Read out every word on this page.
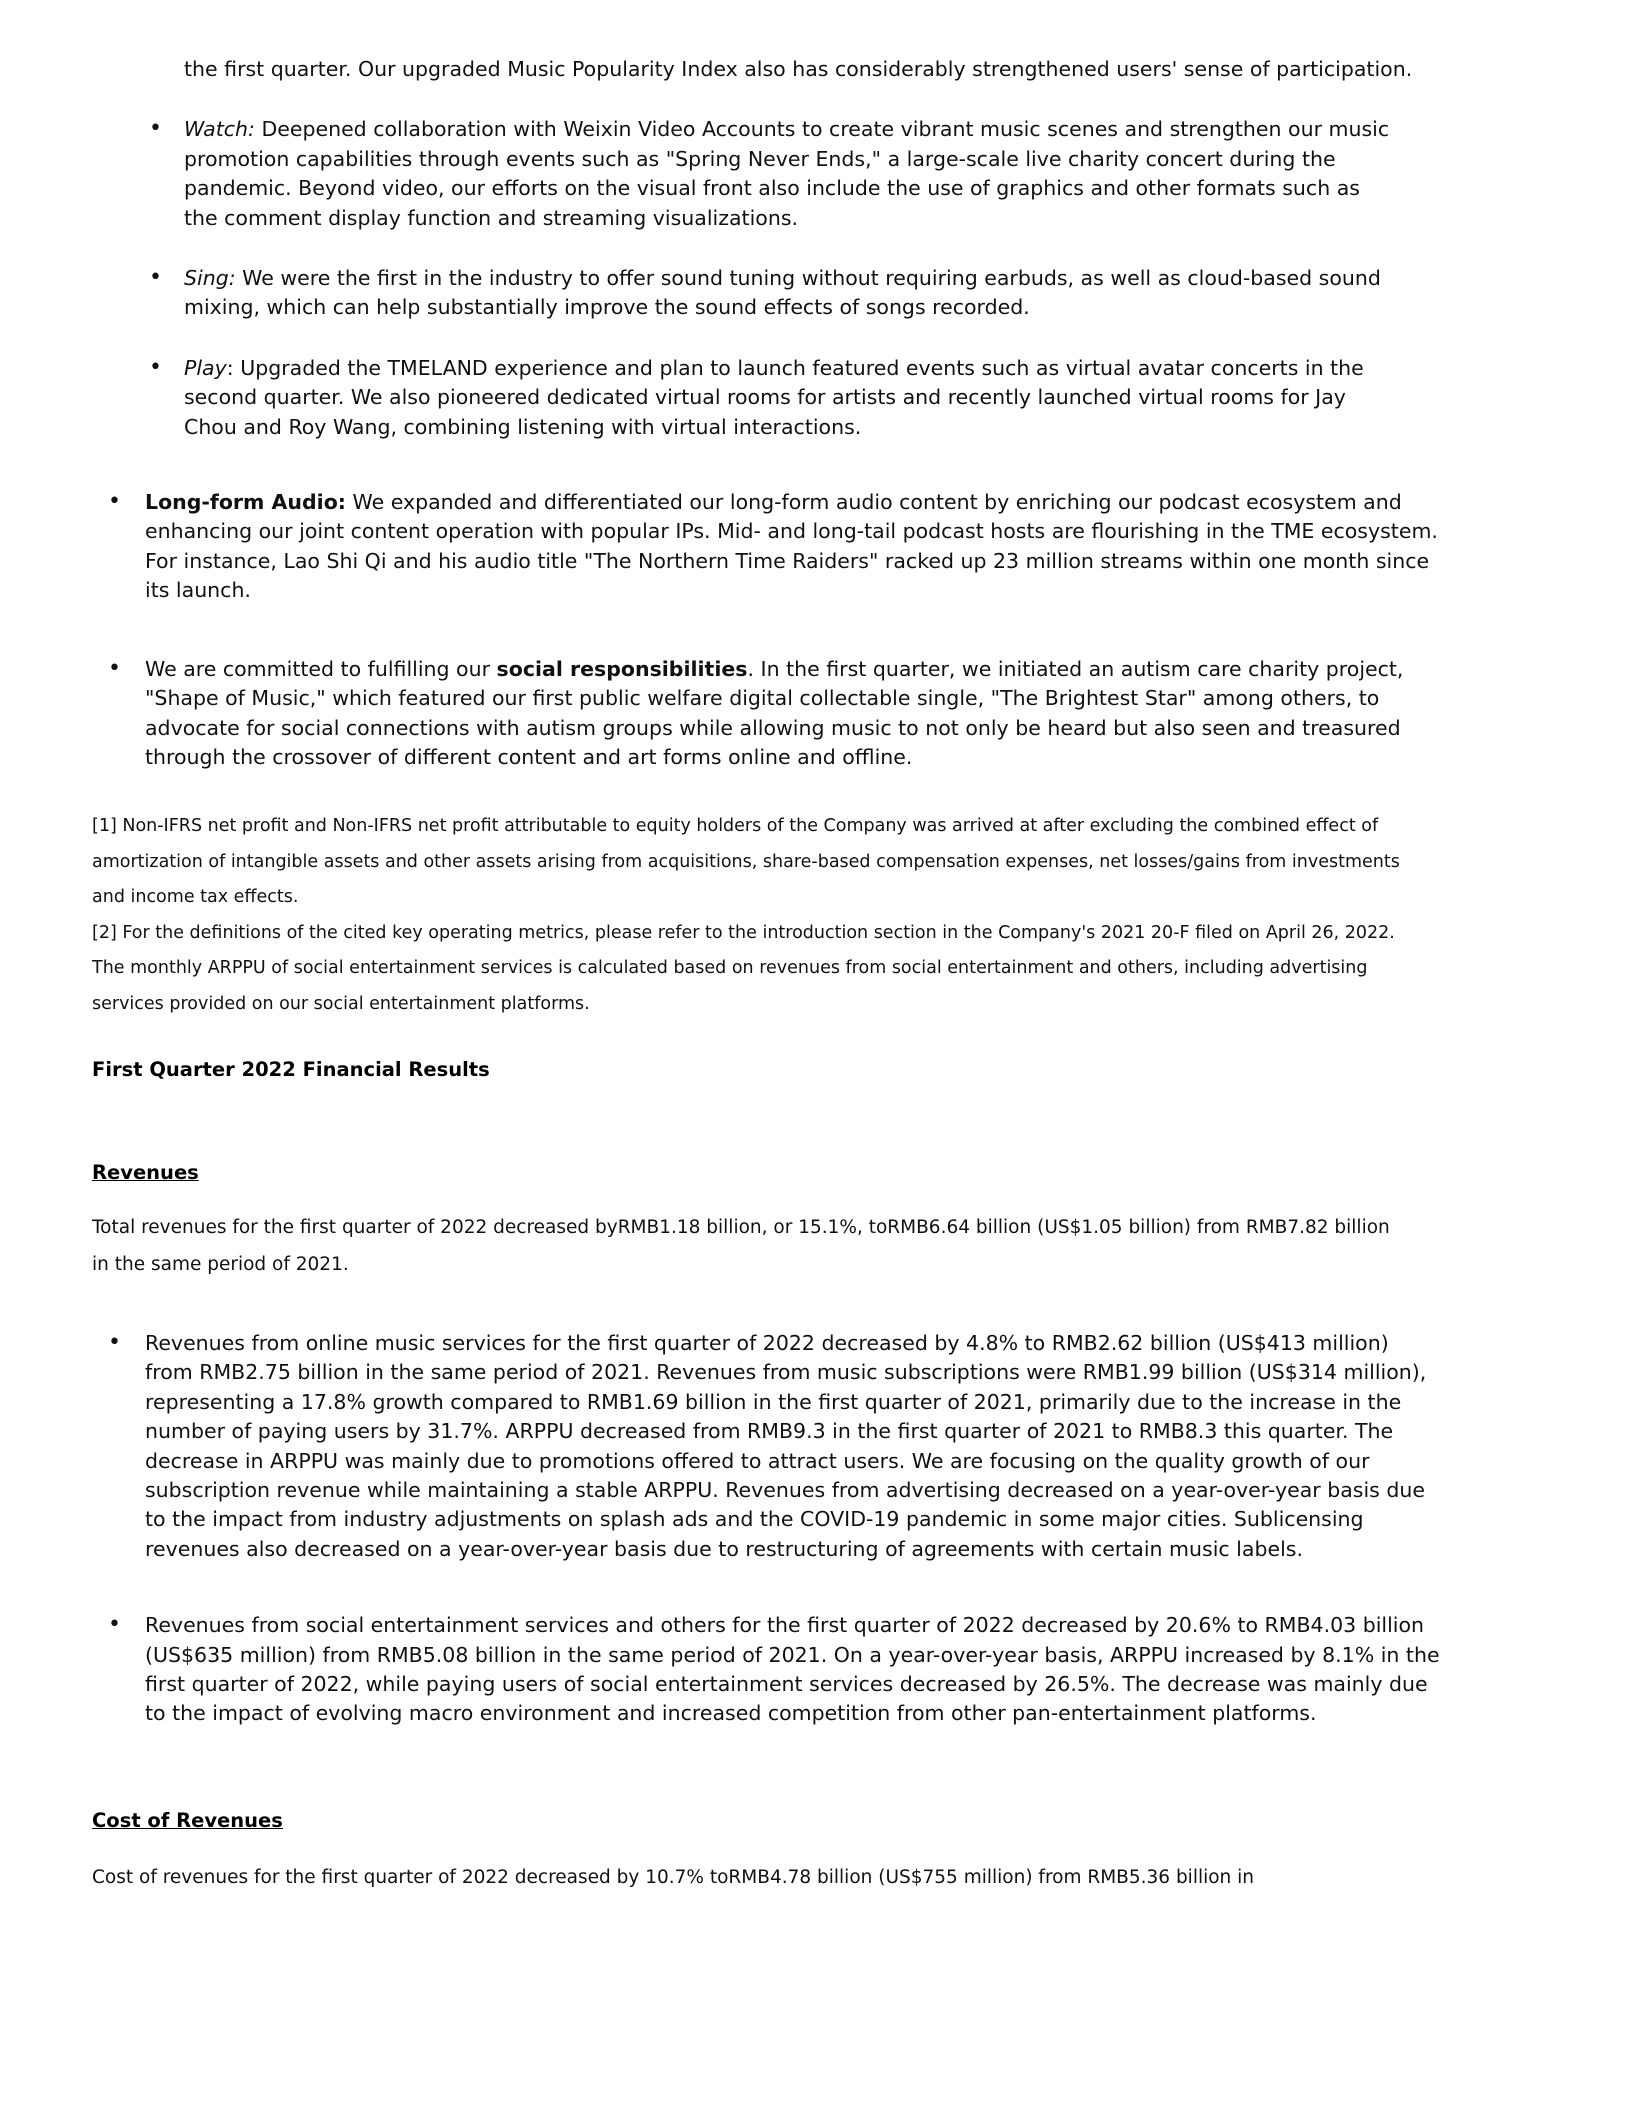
the first quarter. Our upgraded Music Popularity Index also has considerably strengthened users' sense of participation.

• Watch: Deepened collaboration with Weixin Video Accounts to create vibrant music scenes and strengthen our music promotion capabilities through events such as "Spring Never Ends," a large-scale live charity concert during the pandemic. Beyond video, our efforts on the visual front also include the use of graphics and other formats such as the comment display function and streaming visualizations.
• Sing: We were the first in the industry to offer sound tuning without requiring earbuds, as well as cloud-based sound mixing, which can help substantially improve the sound effects of songs recorded.
• Play: Upgraded the TMELAND experience and plan to launch featured events such as virtual avatar concerts in the second quarter. We also pioneered dedicated virtual rooms for artists and recently launched virtual rooms for Jay Chou and Roy Wang, combining listening with virtual interactions.
• Long-form Audio: We expanded and differentiated our long-form audio content by enriching our podcast ecosystem and enhancing our joint content operation with popular IPs. Mid- and long-tail podcast hosts are flourishing in the TME ecosystem. For instance, Lao Shi Qi and his audio title "The Northern Time Raiders" racked up 23 million streams within one month since its launch.
• We are committed to fulfilling our social responsibilities. In the first quarter, we initiated an autism care charity project, "Shape of Music," which featured our first public welfare digital collectable single, "The Brightest Star" among others, to advocate for social connections with autism groups while allowing music to not only be heard but also seen and treasured through the crossover of different content and art forms online and offline.

[1] Non-IFRS net profit and Non-IFRS net profit attributable to equity holders of the Company was arrived at after excluding the combined effect of amortization of intangible assets and other assets arising from acquisitions, share-based compensation expenses, net losses/gains from investments and income tax effects.

[2] For the definitions of the cited key operating metrics, please refer to the introduction section in the Company's 2021 20-F filed on April 26, 2022. The monthly ARPPU of social entertainment services is calculated based on revenues from social entertainment and others, including advertising services provided on our social entertainment platforms.

First Quarter 2022 Financial Results
Revenues

Total revenues for the first quarter of 2022 decreased byRMB1.18 billion, or 15.1%, toRMB6.64 billion (US$1.05 billion) from RMB7.82 billion in the same period of 2021.

• Revenues from online music services for the first quarter of 2022 decreased by 4.8% to RMB2.62 billion (US$413 million) from RMB2.75 billion in the same period of 2021. Revenues from music subscriptions were RMB1.99 billion (US$314 million), representing a 17.8% growth compared to RMB1.69 billion in the first quarter of 2021, primarily due to the increase in the number of paying users by 31.7%. ARPPU decreased from RMB9.3 in the first quarter of 2021 to RMB8.3 this quarter. The decrease in ARPPU was mainly due to promotions offered to attract users. We are focusing on the quality growth of our subscription revenue while maintaining a stable ARPPU. Revenues from advertising decreased on a year-over-year basis due to the impact from industry adjustments on splash ads and the COVID-19 pandemic in some major cities. Sublicensing revenues also decreased on a year-over-year basis due to restructuring of agreements with certain music labels.
• Revenues from social entertainment services and others for the first quarter of 2022 decreased by 20.6% to RMB4.03 billion (US$635 million) from RMB5.08 billion in the same period of 2021. On a year-over-year basis, ARPPU increased by 8.1% in the first quarter of 2022, while paying users of social entertainment services decreased by 26.5%. The decrease was mainly due to the impact of evolving macro environment and increased competition from other pan-entertainment platforms.
Cost of Revenues

Cost of revenues for the first quarter of 2022 decreased by 10.7% toRMB4.78 billion (US$755 million) from RMB5.36 billion in
